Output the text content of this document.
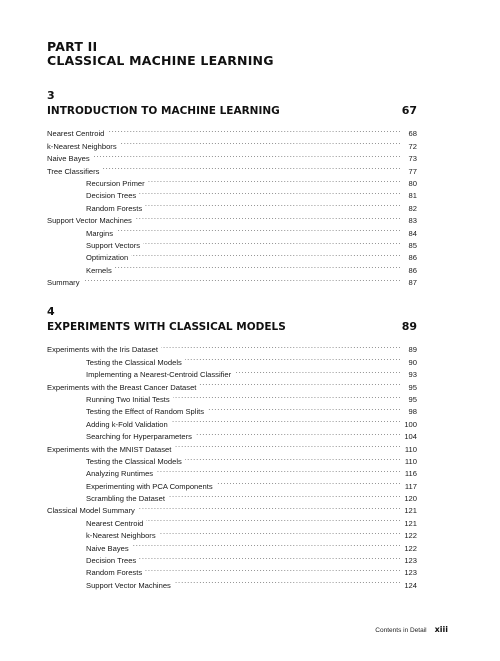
PART II
CLASSICAL MACHINE LEARNING
3
INTRODUCTION TO MACHINE LEARNING	67
Nearest Centroid . . .	68
k-Nearest Neighbors . . .	72
Naive Bayes . . .	73
Tree Classifiers . . .	77
Recursion Primer . . .	80
Decision Trees . . .	81
Random Forests . . .	82
Support Vector Machines . . .	83
Margins . . .	84
Support Vectors . . .	85
Optimization . . .	86
Kernels . . .	86
Summary . . .	87
4
EXPERIMENTS WITH CLASSICAL MODELS	89
Experiments with the Iris Dataset . . .	89
Testing the Classical Models . . .	90
Implementing a Nearest-Centroid Classifier . . .	93
Experiments with the Breast Cancer Dataset . . .	95
Running Two Initial Tests . . .	95
Testing the Effect of Random Splits . . .	98
Adding k-Fold Validation . . .	100
Searching for Hyperparameters . . .	104
Experiments with the MNIST Dataset . . .	110
Testing the Classical Models . . .	110
Analyzing Runtimes . . .	116
Experimenting with PCA Components . . .	117
Scrambling the Dataset . . .	120
Classical Model Summary . . .	121
Nearest Centroid . . .	121
k-Nearest Neighbors . . .	122
Naive Bayes . . .	122
Decision Trees . . .	123
Random Forests . . .	123
Support Vector Machines . . .	124
Contents in Detail xiii
